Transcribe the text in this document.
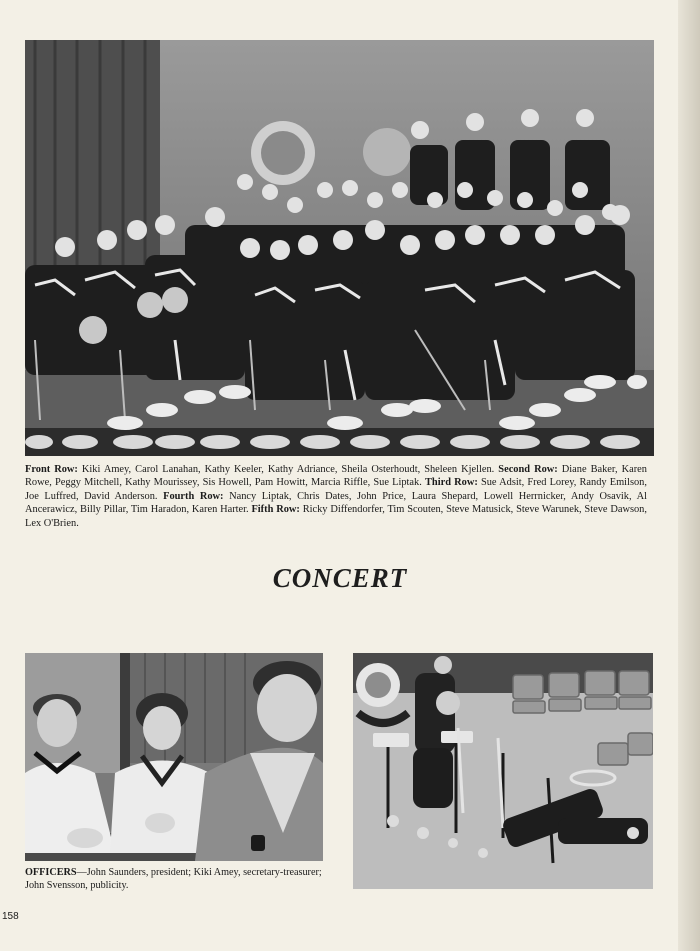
Front Row: Kiki Amey, Carol Lanahan, Kathy Keeler, Kathy Adriance, Sheila Osterhoudt, Sheleen Kjellen. Second Row: Diane Baker, Karen Rowe, Peggy Mitchell, Kathy Mourissey, Sis Howell, Pam Howitt, Marcia Riffle, Sue Liptak. Third Row: Sue Adsit, Fred Lorey, Randy Emilson, Joe Luffred, David Anderson. Fourth Row: Nancy Liptak, Chris Dates, John Price, Laura Shepard, Lowell Herrnicker, Andy Osavik, Al Ancerawicz, Billy Pillar, Tim Haradon, Karen Harter. Fifth Row: Ricky Diffendorfer, Tim Scouten, Steve Matusick, Steve Warunek, Steve Dawson, Lex O'Brien.
CONCERT
OFFICERS—John Saunders, president; Kiki Amey, secretary-treasurer; John Svensson, publicity.
158
